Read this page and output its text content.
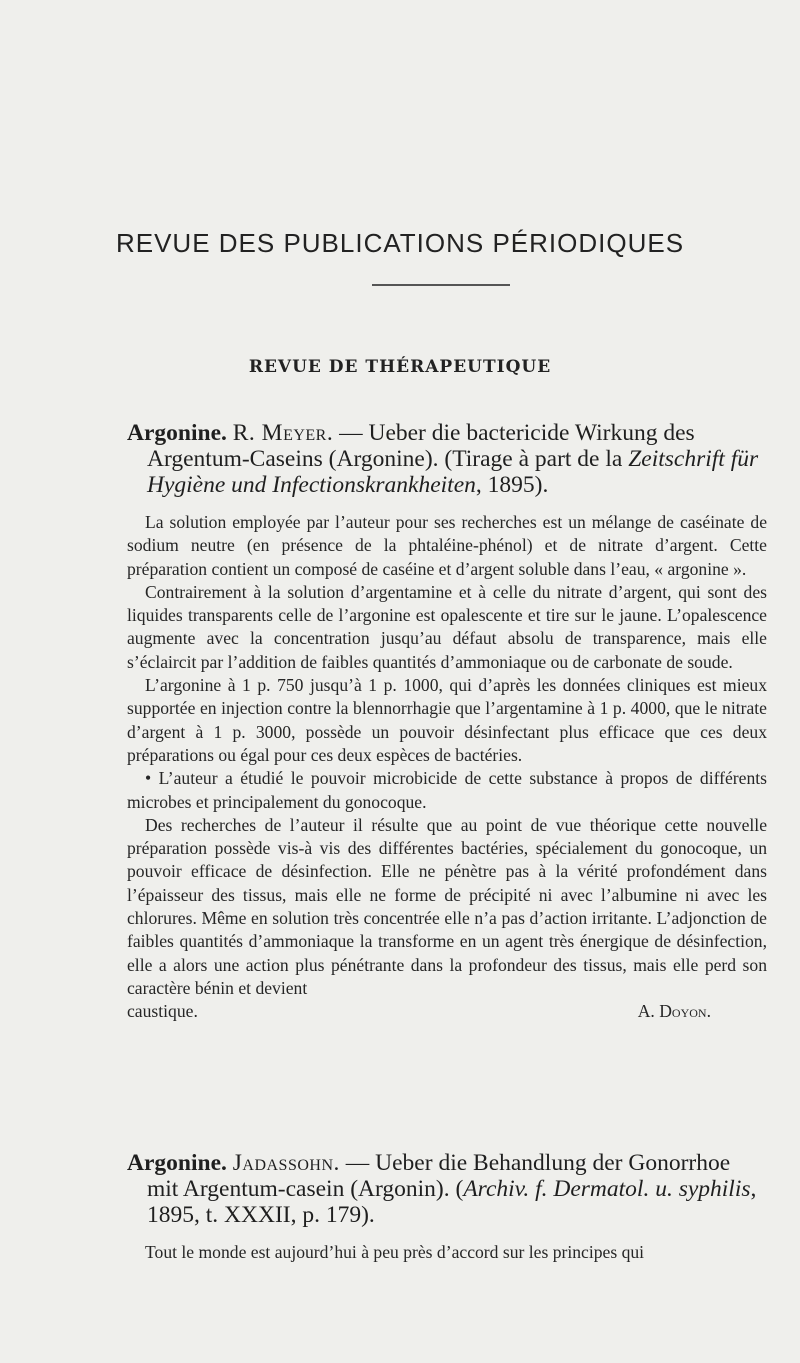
REVUE DES PUBLICATIONS PÉRIODIQUES
REVUE DE THÉRAPEUTIQUE
Argonine. R. Meyer. — Ueber die bactericide Wirkung des Argentum-Caseins (Argonine). (Tirage à part de la Zeitschrift für Hygiène und Infectionskrankheiten, 1895).

La solution employée par l’auteur pour ses recherches est un mélange de caséinate de sodium neutre (en présence de la phtaléine-phénol) et de nitrate d’argent. Cette préparation contient un composé de caséine et d’argent soluble dans l’eau, « argonine ».

Contrairement à la solution d’argentamine et à celle du nitrate d’argent, qui sont des liquides transparents celle de l’argonine est opalescente et tire sur le jaune. L’opalescence augmente avec la concentration jusqu’au défaut absolu de transparence, mais elle s’éclaircit par l’addition de faibles quantités d’ammoniaque ou de carbonate de soude.

L’argonine à 1 p. 750 jusqu’à 1 p. 1000, qui d’après les données cliniques est mieux supportée en injection contre la blennorrhagie que l’argentamine à 1 p. 4000, que le nitrate d’argent à 1 p. 3000, possède un pouvoir désinfectant plus efficace que ces deux préparations ou égal pour ces deux espèces de bactéries.

• L’auteur a étudié le pouvoir microbicide de cette substance à propos de différents microbes et principalement du gonocoque.

Des recherches de l’auteur il résulte que au point de vue théorique cette nouvelle préparation possède vis-à vis des différentes bactéries, spécialement du gonocoque, un pouvoir efficace de désinfection. Elle ne pénètre pas à la vérité profondément dans l’épaisseur des tissus, mais elle ne forme de précipité ni avec l’albumine ni avec les chlorures. Même en solution très concentrée elle n’a pas d’action irritante. L’adjonction de faibles quantités d’ammoniaque la transforme en un agent très énergique de désinfection, elle a alors une action plus pénétrante dans la profondeur des tissus, mais elle perd son caractère bénin et devient

caustique.	A. Doyon.

Argonine. Jadassohn. — Ueber die Behandlung der Gonorrhoe mit Argentum-casein (Argonin). (Archiv. f. Dermatol. u. syphilis, 1895, t. XXXII, p. 179).

Tout le monde est aujourd’hui à peu près d’accord sur les principes qui
